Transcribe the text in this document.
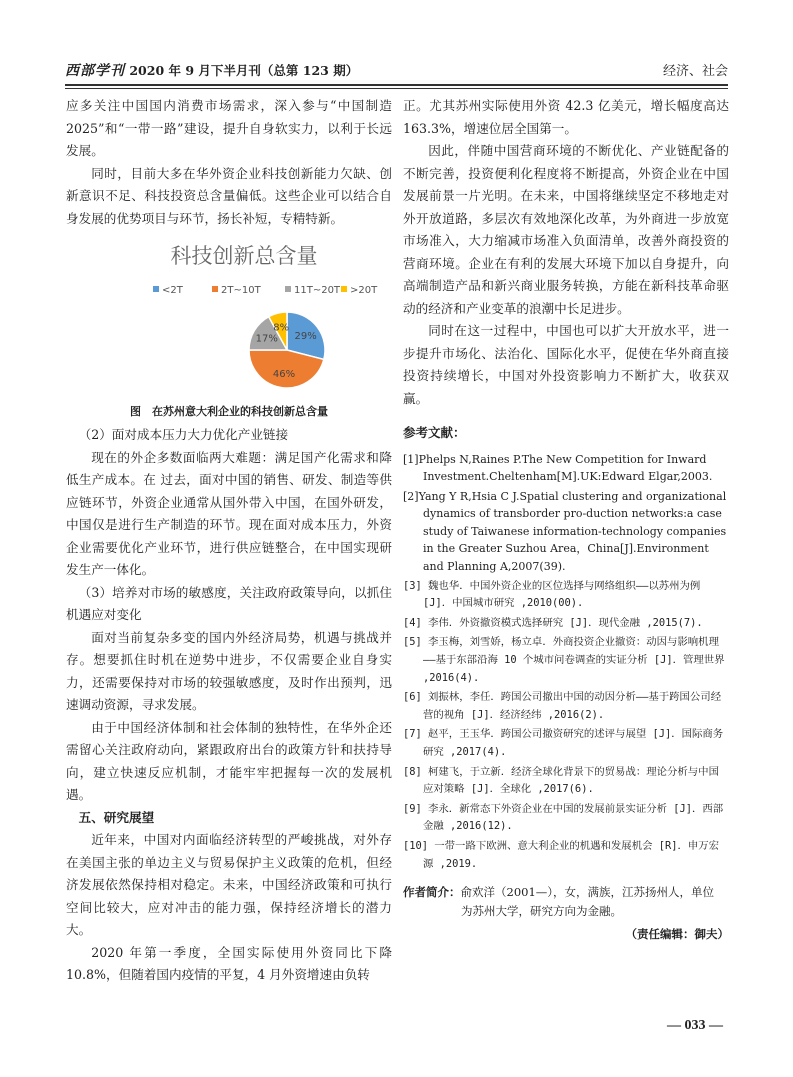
西部学刊 2020 年 9 月下半月刊（总第 123 期）	经济、社会

应多关注中国国内消费市场需求，深入参与“中国制造2025”和“一带一路”建设，提升自身软实力，以利于长远发展。

同时，目前大多在华外资企业科技创新能力欠缺、创新意识不足、科技投资总含量偏低。这些企业可以结合自身发展的优势项目与环节，扬长补短，专精特新。

科技创新总含量
<2T	2T~10T	11T~20T >20T
29%
46%
17%
8%
图　在苏州意大利企业的科技创新总含量

（2）面对成本压力大力优化产业链接

现在的外企多数面临两大难题：满足国产化需求和降低生产成本。在 过去，面对中国的销售、研发、制造等供应链环节，外资企业通常从国外带入中国，在国外研发，中国仅是进行生产制造的环节。现在面对成本压力，外资企业需要优化产业环节，进行供应链整合，在中国实现研发生产一体化。

（3）培养对市场的敏感度，关注政府政策导向，以抓住机遇应对变化

面对当前复杂多变的国内外经济局势，机遇与挑战并存。想要抓住时机在逆势中进步，不仅需要企业自身实力，还需要保持对市场的较强敏感度，及时作出预判，迅速调动资源，寻求发展。

由于中国经济体制和社会体制的独特性，在华外企还需留心关注政府动向，紧跟政府出台的政策方针和扶持导向，建立快速反应机制，才能牢牢把握每一次的发展机遇。

五、研究展望

近年来，中国对内面临经济转型的严峻挑战，对外存在美国主张的单边主义与贸易保护主义政策的危机，但经济发展依然保持相对稳定。未来，中国经济政策和可执行空间比较大，应对冲击的能力强，保持经济增长的潜力大。

2020 年第一季度，全国实际使用外资同比下降10.8%，但随着国内疫情的平复，4 月外资增速由负转

正。尤其苏州实际使用外资 42.3 亿美元，增长幅度高达163.3%，增速位居全国第一。

因此，伴随中国营商环境的不断优化、产业链配备的不断完善，投资便利化程度将不断提高，外资企业在中国发展前景一片光明。在未来，中国将继续坚定不移地走对外开放道路，多层次有效地深化改革，为外商进一步放宽市场准入，大力缩减市场准入负面清单，改善外商投资的营商环境。企业在有利的发展大环境下加以自身提升，向高端制造产品和新兴商业服务转换，方能在新科技革命驱动的经济和产业变革的浪潮中长足进步。

同时在这一过程中，中国也可以扩大开放水平，进一步提升市场化、法治化、国际化水平，促使在华外商直接投资持续增长，中国对外投资影响力不断扩大，收获双赢。

参考文献：
[1]Phelps N,Raines P.The New Competition for Inward Investment.Cheltenham[M].UK:Edward Elgar,2003.
[2]Yang Y R,Hsia C J.Spatial clustering and organizational dynamics of transborder pro-duction networks:a case study of Taiwanese information-technology companies in the Greater Suzhou Area，China[J].Environment and Planning A,2007(39).
[3] 魏也华．中国外资企业的区位选择与网络组织——以苏州为例 [J]．中国城市研究 ,2010(00).
[4] 李伟．外资撤资模式选择研究 [J]．现代金融 ,2015(7).
[5] 李玉梅，刘雪娇，杨立卓．外商投资企业撤资：动因与影响机理——基于东部沿海 10 个城市问卷调查的实证分析 [J]．管理世界 ,2016(4).
[6] 刘振林，李任．跨国公司撤出中国的动因分析——基于跨国公司经营的视角 [J]．经济经纬 ,2016(2).
[7] 赵平，王玉华．跨国公司撤资研究的述评与展望 [J]．国际商务研究 ,2017(4).
[8] 柯建飞，于立新．经济全球化背景下的贸易战：理论分析与中国应对策略 [J]．全球化 ,2017(6).
[9] 李永．新常态下外资企业在中国的发展前景实证分析 [J]．西部金融 ,2016(12).
[10] 一带一路下欧洲、意大利企业的机遇和发展机会 [R]．申万宏源 ,2019.
作者简介：俞欢洋（2001—），女，满族，江苏扬州人，单位
为苏州大学，研究方向为金融。
（责任编辑：御夫）
— 033 —
